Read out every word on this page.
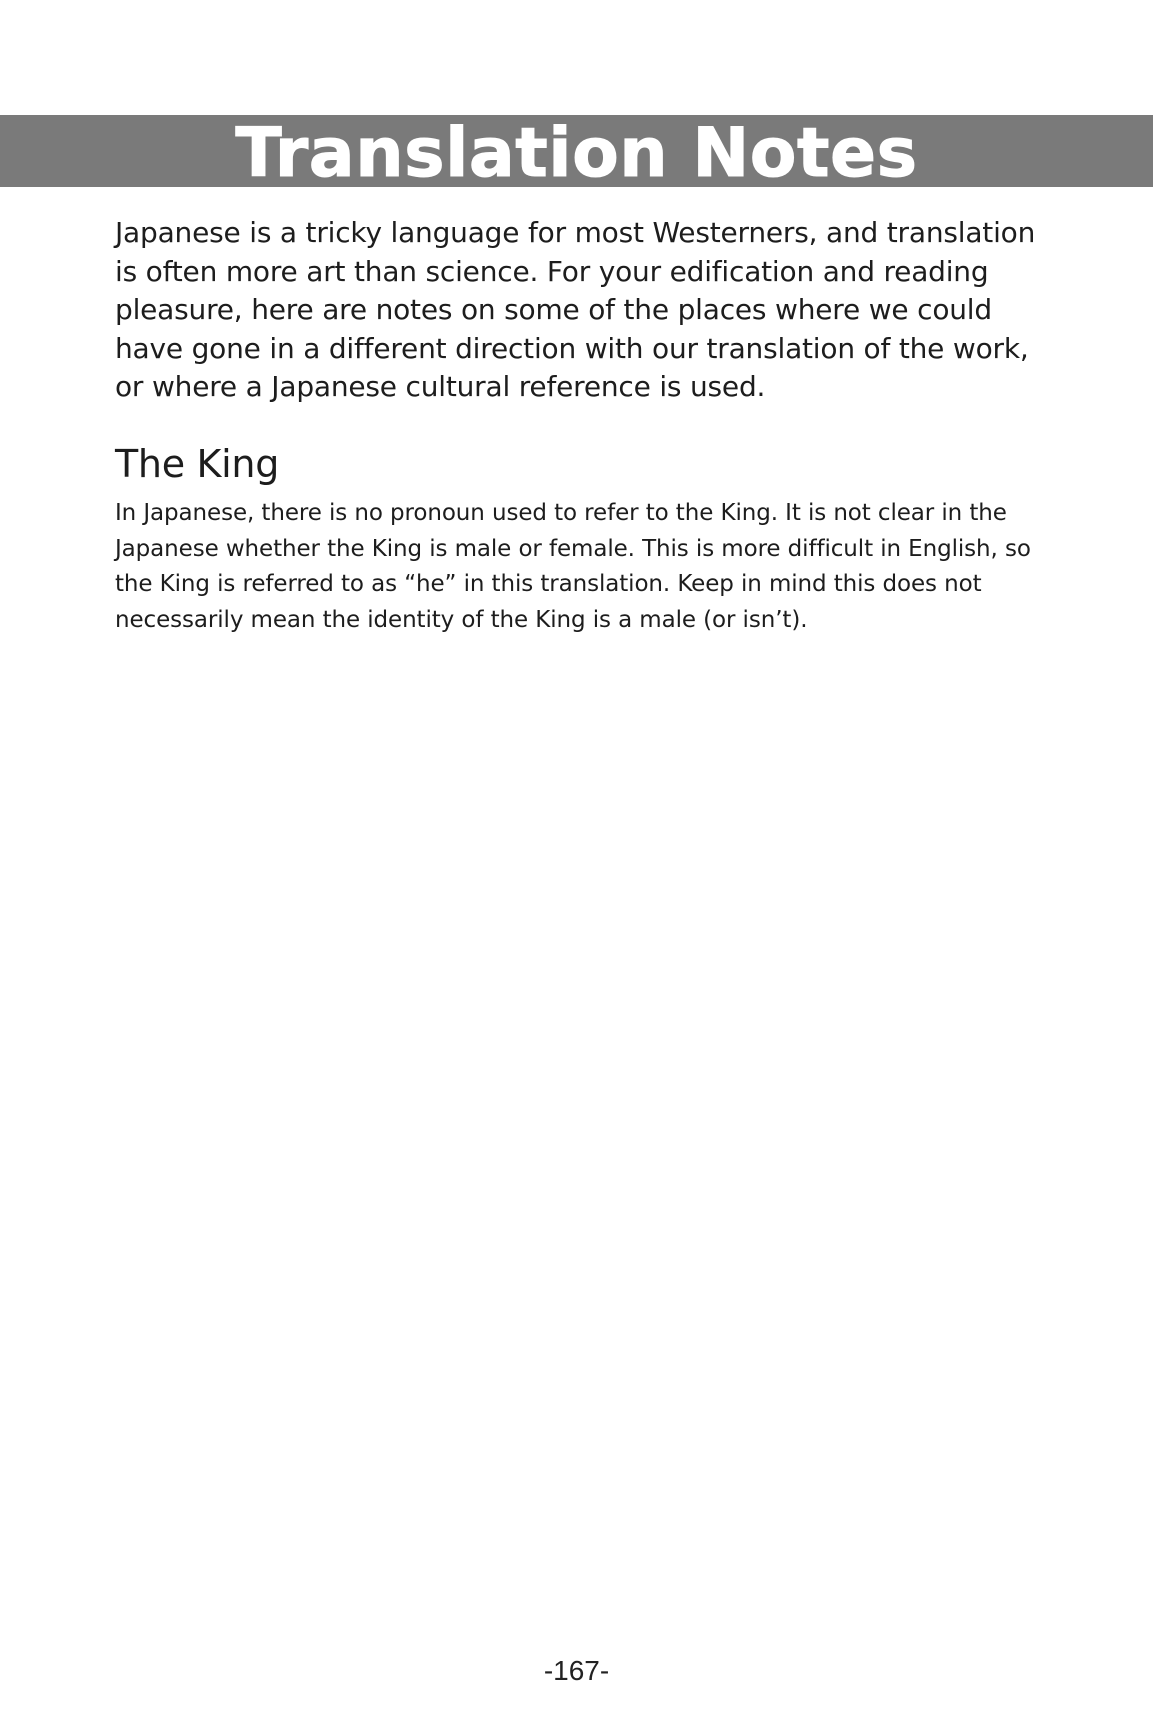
Translation Notes
Japanese is a tricky language for most Westerners, and translation is often more art than science. For your edification and reading pleasure, here are notes on some of the places where we could have gone in a different direction with our translation of the work, or where a Japanese cultural reference is used.
The King
In Japanese, there is no pronoun used to refer to the King. It is not clear in the Japanese whether the King is male or female. This is more difficult in English, so the King is referred to as “he” in this translation. Keep in mind this does not necessarily mean the identity of the King is a male (or isn’t).
-167-
